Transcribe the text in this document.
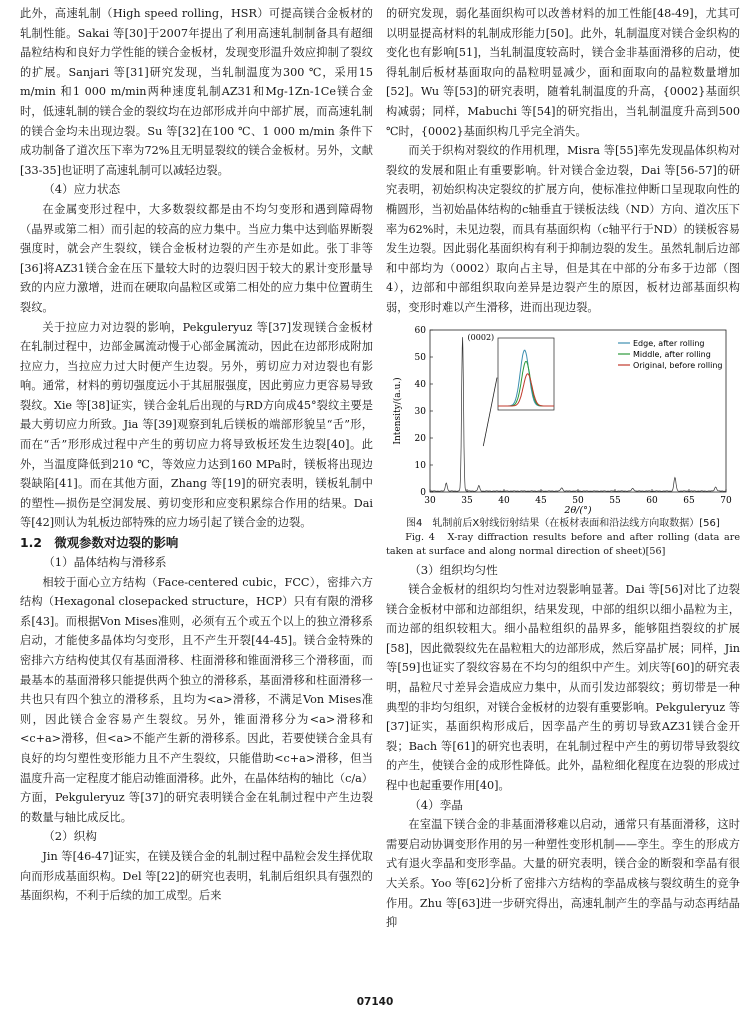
此外，高速轧制（High speed rolling，HSR）可提高镁合金板材的轧制性能。Sakai 等[30]于2007年提出了利用高速轧制制备具有超细晶粒结构和良好力学性能的镁合金板材，发现变形温升效应抑制了裂纹的扩展。Sanjari 等[31]研究发现，当轧制温度为300 ℃，采用15 m/min 和1 000 m/min两种速度轧制AZ31和Mg-1Zn-1Ce镁合金时，低速轧制的镁合金的裂纹均在边部形成并向中部扩展，而高速轧制的镁合金均未出现边裂。Su 等[32]在100 ℃、1 000 m/min 条件下成功制备了道次压下率为72%且无明显裂纹的镁合金板材。另外，文献[33-35]也证明了高速轧制可以减轻边裂。

（4）应力状态

在金属变形过程中，大多数裂纹都是由不均匀变形和遇到障碍物（晶界或第二相）而引起的较高的应力集中。当应力集中达到临界断裂强度时，就会产生裂纹，镁合金板材边裂的产生亦是如此。张丁非等[36]将AZ31镁合金在压下量较大时的边裂归因于较大的累计变形量导致的内应力激增，进而在硬取向晶粒区或第二相处的应力集中位置萌生裂纹。

关于拉应力对边裂的影响，Pekguleryuz 等[37]发现镁合金板材在轧制过程中，边部金属流动慢于心部金属流动，因此在边部形成附加拉应力，当拉应力过大时便产生边裂。另外，剪切应力对边裂也有影响。通常，材料的剪切强度远小于其屈服强度，因此剪应力更容易导致裂纹。Xie 等[38]证实，镁合金轧后出现的与RD方向成45°裂纹主要是最大剪切应力所致。Jia 等[39]观察到轧后镁板的端部形貌呈“舌”形，而在“舌”形形成过程中产生的剪切应力将导致板坯发生边裂[40]。此外，当温度降低到210 ℃，等效应力达到160 MPa时，镁板将出现边裂缺陷[41]。而在其他方面，Zhang 等[19]的研究表明，镁板轧制中的塑性—损伤是空洞发展、剪切变形和应变积累综合作用的结果。Dai 等[42]则认为轧板边部特殊的应力场引起了镁合金的边裂。

1.2　微观参数对边裂的影响
（1）晶体结构与滑移系

相较于面心立方结构（Face-centered cubic，FCC），密排六方结构（Hexagonal closepacked structure，HCP）只有有限的滑移系[43]。而根据Von Mises准则，必须有五个或五个以上的独立滑移系启动，才能使多晶体均匀变形，且不产生开裂[44-45]。镁合金特殊的密排六方结构使其仅有基面滑移、柱面滑移和锥面滑移三个滑移面，而最基本的基面滑移只能提供两个独立的滑移系，基面滑移和柱面滑移一共也只有四个独立的滑移系，且均为<a>滑移，不满足Von Mises准则，因此镁合金容易产生裂纹。另外，锥面滑移分为<a>滑移和<c+a>滑移，但<a>不能产生新的滑移系。因此，若要使镁合金具有良好的均匀塑性变形能力且不产生裂纹，只能借助<c+a>滑移，但当温度升高一定程度才能启动锥面滑移。此外，在晶体结构的轴比（c/a）方面，Pekguleryuz 等[37]的研究表明镁合金在轧制过程中产生边裂的数量与轴比成反比。

（2）织构

Jin 等[46-47]证实，在镁及镁合金的轧制过程中晶粒会发生择优取向而形成基面织构。Del 等[22]的研究也表明，轧制后组织具有强烈的基面织构，不利于后续的加工成型。后来

的研究发现，弱化基面织构可以改善材料的加工性能[48-49]，尤其可以明显提高材料的轧制成形能力[50]。此外，轧制温度对镁合金织构的变化也有影响[51]，当轧制温度较高时，镁合金非基面滑移的启动，使得轧制后板材基面取向的晶粒明显减少，面和面取向的晶粒数量增加[52]。Wu 等[53]的研究表明，随着轧制温度的升高，{0002}基面织构减弱；同样，Mabuchi 等[54]的研究指出，当轧制温度升高到500 ℃时，{0002}基面织构几乎完全消失。

而关于织构对裂纹的作用机理，Misra 等[55]率先发现晶体织构对裂纹的发展和阻止有重要影响。针对镁合金边裂，Dai 等[56-57]的研究表明，初始织构决定裂纹的扩展方向，使标准拉伸断口呈现取向性的椭圆形，当初始晶体结构的c轴垂直于镁板法线（ND）方向、道次压下率为62%时，未见边裂，而具有基面织构（c轴平行于ND）的镁板容易发生边裂。因此弱化基面织构有利于抑制边裂的发生。虽然轧制后边部和中部均为（0002）取向占主导，但是其在中部的分布多于边部（图4），边部和中部组织取向差异是边裂产生的原因，板材边部基面织构弱，变形时难以产生滑移，进而出现边裂。

30	35	40	45	50	55	60	65	70
0
10
20
30
40
50
60
2θ/(°)
Intensity/(a.u.)
(0002)
Edge, after rolling
Middle, after rolling
Original, before rolling

图4　轧制前后X射线衍射结果（在板材表面和沿法线方向取数据）[56]

Fig. 4　X-ray diffraction results before and after rolling (data are taken at surface and along normal direction of sheet)[56]

（3）组织均匀性

镁合金板材的组织均匀性对边裂影响显著。Dai 等[56]对比了边裂镁合金板材中部和边部组织，结果发现，中部的组织以细小晶粒为主，而边部的组织较粗大。细小晶粒组织的晶界多，能够阻挡裂纹的扩展[58]，因此微裂纹先在晶粒粗大的边部形成，然后穿晶扩展；同样，Jin 等[59]也证实了裂纹容易在不均匀的组织中产生。刘庆等[60]的研究表明，晶粒尺寸差异会造成应力集中，从而引发边部裂纹；剪切带是一种典型的非均匀组织，对镁合金板材的边裂有重要影响。Pekguleryuz 等[37]证实，基面织构形成后，因孪晶产生的剪切导致AZ31镁合金开裂；Bach 等[61]的研究也表明，在轧制过程中产生的剪切带导致裂纹的产生，使镁合金的成形性降低。此外，晶粒细化程度在边裂的形成过程中也起重要作用[40]。

（4）孪晶

在室温下镁合金的非基面滑移难以启动，通常只有基面滑移，这时需要启动协调变形作用的另一种塑性变形机制——孪生。孪生的形成方式有退火孪晶和变形孪晶。大量的研究表明，镁合金的断裂和孪晶有很大关系。Yoo 等[62]分析了密排六方结构的孪晶成核与裂纹萌生的竞争作用。Zhu 等[63]进一步研究得出，高速轧制产生的孪晶与动态再结晶抑

07140
